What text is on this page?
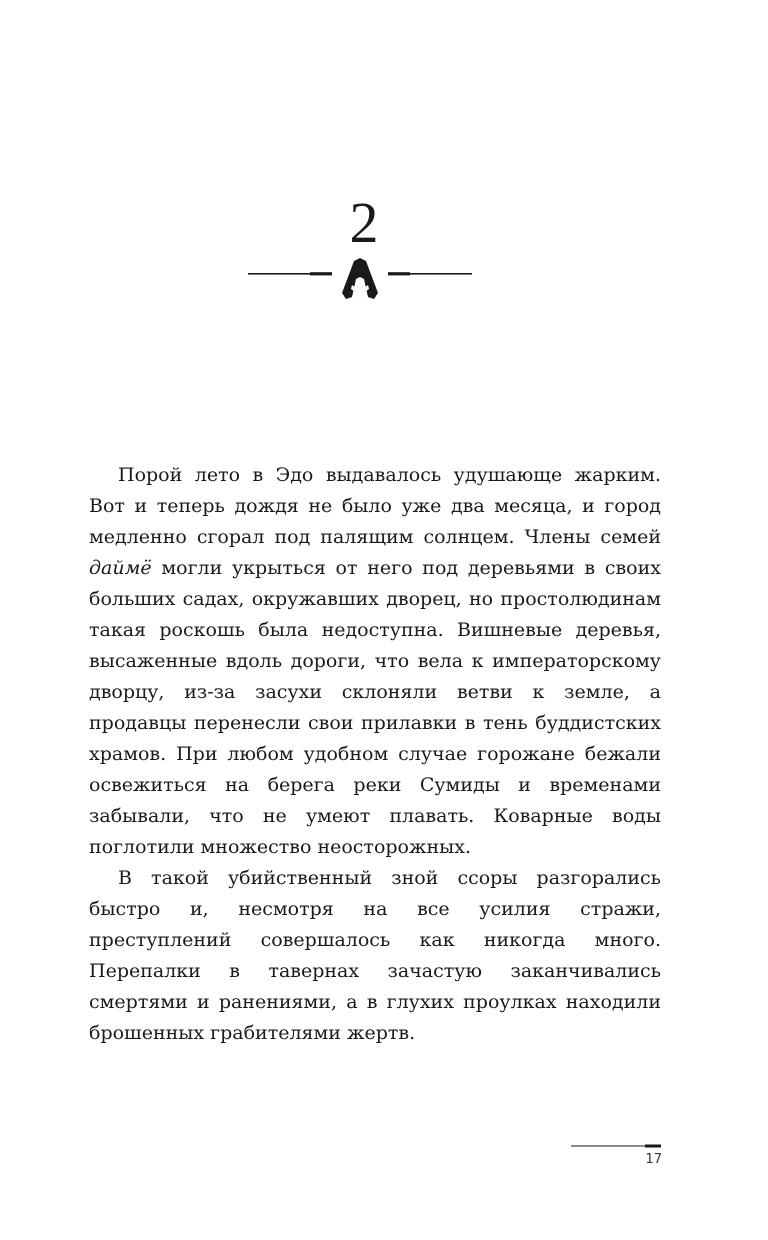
2

Порой лето в Эдо выдавалось удушающе жарким. Вот и теперь дождя не было уже два месяца, и город медленно сгорал под палящим солнцем. Члены семей даймё могли укрыться от него под деревьями в своих больших садах, окружавших дворец, но простолюдинам такая роскошь была недоступна. Вишневые деревья, высаженные вдоль дороги, что вела к императорскому дворцу, из-за засухи склоняли ветви к земле, а продавцы перенесли свои прилавки в тень буддистских храмов. При любом удобном случае горожане бежали освежиться на берега реки Сумиды и временами забывали, что не умеют плавать. Коварные воды поглотили множество неосторожных.

В такой убийственный зной ссоры разгорались быстро и, несмотря на все усилия стражи, преступлений совершалось как никогда много. Перепалки в тавернах зачастую заканчивались смертями и ранениями, а в глухих проулках находили брошенных грабителями жертв.

17
